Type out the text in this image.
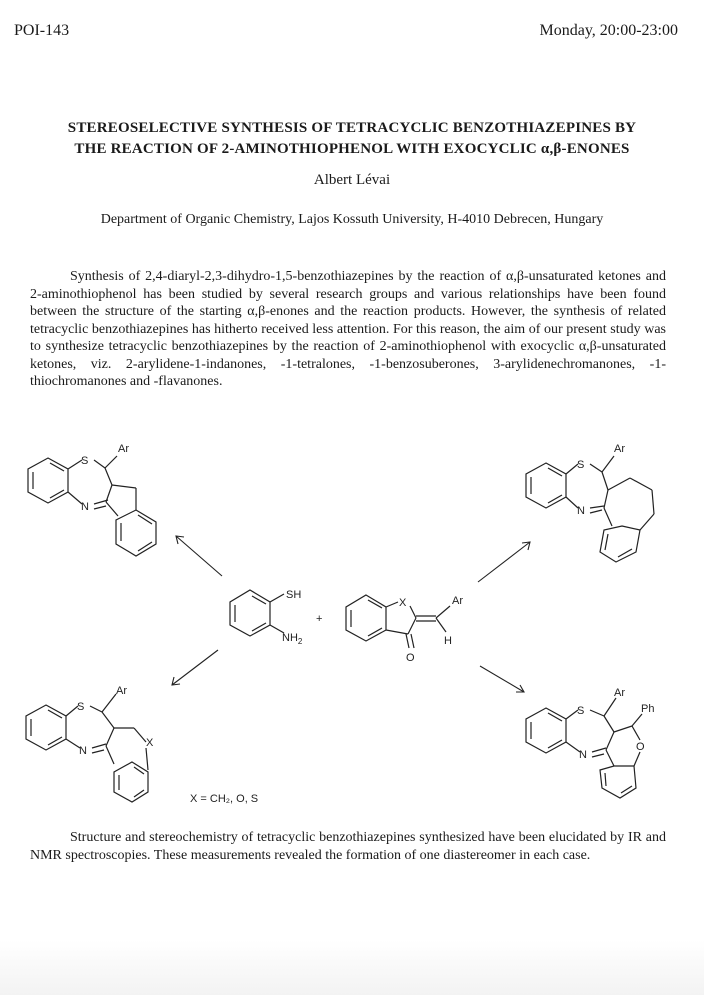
POI-143	Monday, 20:00-23:00
STEREOSELECTIVE SYNTHESIS OF TETRACYCLIC BENZOTHIAZEPINES BY
THE REACTION OF 2-AMINOTHIOPHENOL WITH EXOCYCLIC α,β-ENONES
Albert Lévai
Department of Organic Chemistry, Lajos Kossuth University, H-4010 Debrecen, Hungary

Synthesis of 2,4-diaryl-2,3-dihydro-1,5-benzothiazepines by the reaction of α,β-unsaturated ketones and 2-aminothiophenol has been studied by several research groups and various relationships have been found between the structure of the starting α,β-enones and the reaction products. However, the synthesis of related tetracyclic benzothiazepines has hitherto received less attention. For this reason, the aim of our present study was to synthesize tetracyclic benzothiazepines by the reaction of 2-aminothiophenol with exocyclic α,β-unsaturated ketones, viz. 2-arylidene-1-indanones, -1-tetralones, -1-benzosuberones, 3-arylidenechromanones, -1-thiochromanones and -flavanones.

S
N
Ar
S
N
Ar
SH
$NH_2$
+
X
O
Ar
H
S
N
Ar
X
X = CH₂, O, S
S
N
Ar
Ph
O

Structure and stereochemistry of tetracyclic benzothiazepines synthesized have been elucidated by IR and NMR spectroscopies. These measurements revealed the formation of one diastereomer in each case.
